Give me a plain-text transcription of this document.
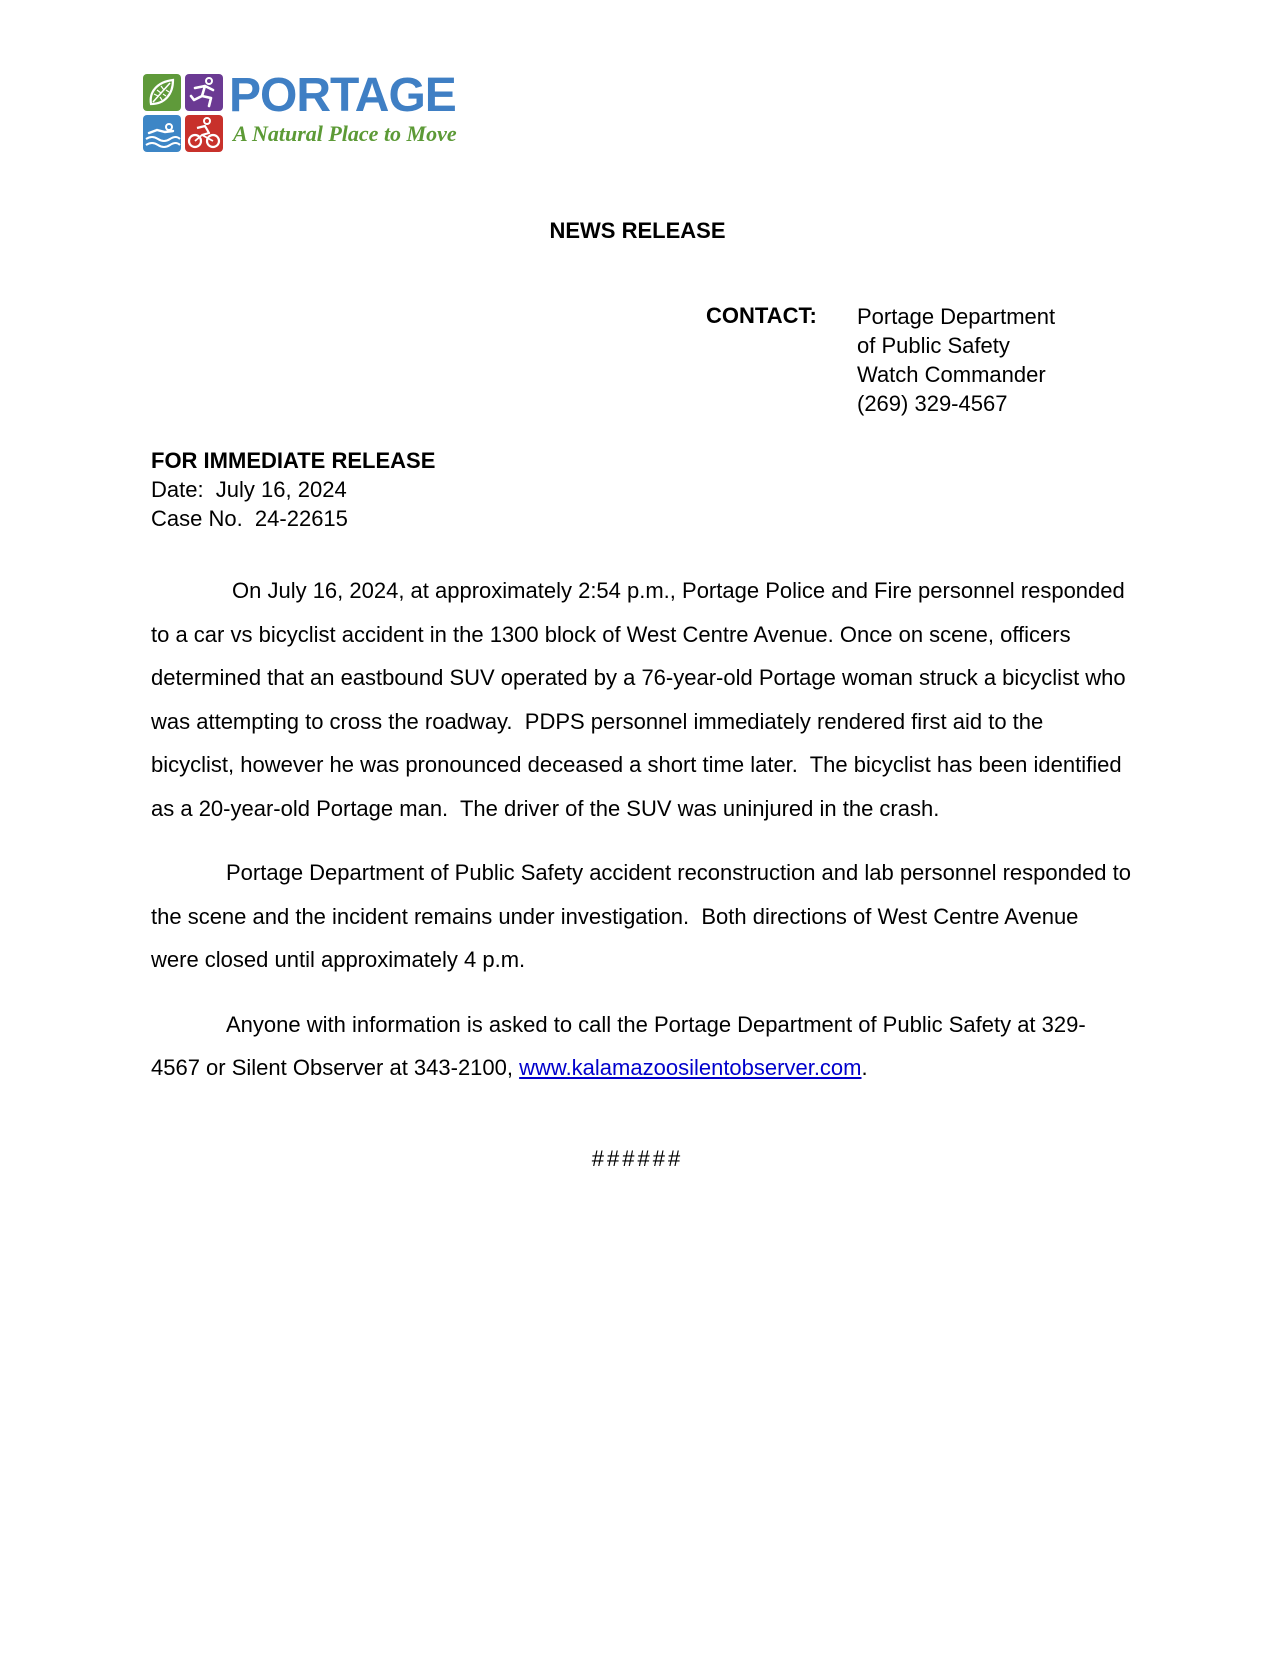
PORTAGE
A Natural Place to Move
NEWS RELEASE
CONTACT: Portage Department
of Public Safety
Watch Commander
(269) 329-4567
FOR IMMEDIATE RELEASE
Date:  July 16, 2024
Case No.  24-22615

On July 16, 2024, at approximately 2:54 p.m., Portage Police and Fire personnel responded to a car vs bicyclist accident in the 1300 block of West Centre Avenue. Once on scene, officers determined that an eastbound SUV operated by a 76-year-old Portage woman struck a bicyclist who was attempting to cross the roadway.  PDPS personnel immediately rendered first aid to the bicyclist, however he was pronounced deceased a short time later.  The bicyclist has been identified as a 20-year-old Portage man.  The driver of the SUV was uninjured in the crash.

Portage Department of Public Safety accident reconstruction and lab personnel responded to the scene and the incident remains under investigation.  Both directions of West Centre Avenue were closed until approximately 4 p.m.

Anyone with information is asked to call the Portage Department of Public Safety at 329-4567 or Silent Observer at 343-2100, www.kalamazoosilentobserver.com.

######
